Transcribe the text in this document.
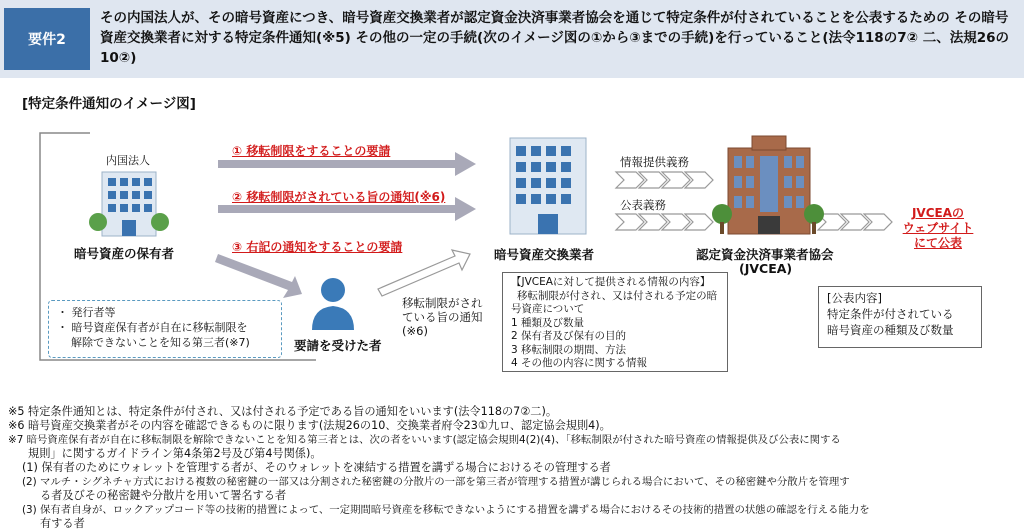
要件2
その内国法人が、その暗号資産につき、暗号資産交換業者が認定資金決済事業者協会を通じて特定条件が付されていることを公表するための その暗号資産交換業者に対する特定条件通知(※5) その他の一定の手続(次のイメージ図の①から③までの手続)を行っていること(法令118の7② 二、法規26の10②)
[特定条件通知のイメージ図]
内国法人
暗号資産の保有者
① 移転制限をすることの要請
② 移転制限がされている旨の通知(※6)
③ 右記の通知をすることの要請	暗号資産交換業者	認定資金決済事業者協会
(JVCEA)
情報提供義務
公表義務
JVCEAの
ウェブサイト
にて公表
要請を受けた者
移転制限がされ
ている旨の通知
(※6)
・ 発行者等
・ 暗号資産保有者が自在に移転制限を
解除できないことを知る第三者(※7)
【JVCEAに対して提供される情報の内容】
移転制限が付され、又は付される予定の暗
号資産について
1 種類及び数量
2 保有者及び保有の目的
3 移転制限の期間、方法
4 その他の内容に関する情報
[公表内容]
特定条件が付されている
暗号資産の種類及び数量
※5 特定条件通知とは、特定条件が付され、又は付される予定である旨の通知をいいます(法令118の7②二)。
※6 暗号資産交換業者がその内容を確認できるものに限ります(法規26の10、交換業者府令23①九ロ、認定協会規則4)。
※7 暗号資産保有者が自在に移転制限を解除できないことを知る第三者とは、次の者をいいます(認定協会規則4(2)(4)、「移転制限が付された暗号資産の情報提供及び公表に関する
規則」に関するガイドライン第4条第2号及び第4号関係)。
(1) 保有者のためにウォレットを管理する者が、そのウォレットを凍結する措置を講ずる場合におけるその管理する者
(2) マルチ・シグネチャ方式における複数の秘密鍵の一部又は分割された秘密鍵の分散片の一部を第三者が管理する措置が講じられる場合において、その秘密鍵や分散片を管理す
る者及びその秘密鍵や分散片を用いて署名する者
(3) 保有者自身が、ロックアップコード等の技術的措置によって、一定期間暗号資産を移転できないようにする措置を講ずる場合におけるその技術的措置の状態の確認を行える能力を
有する者
